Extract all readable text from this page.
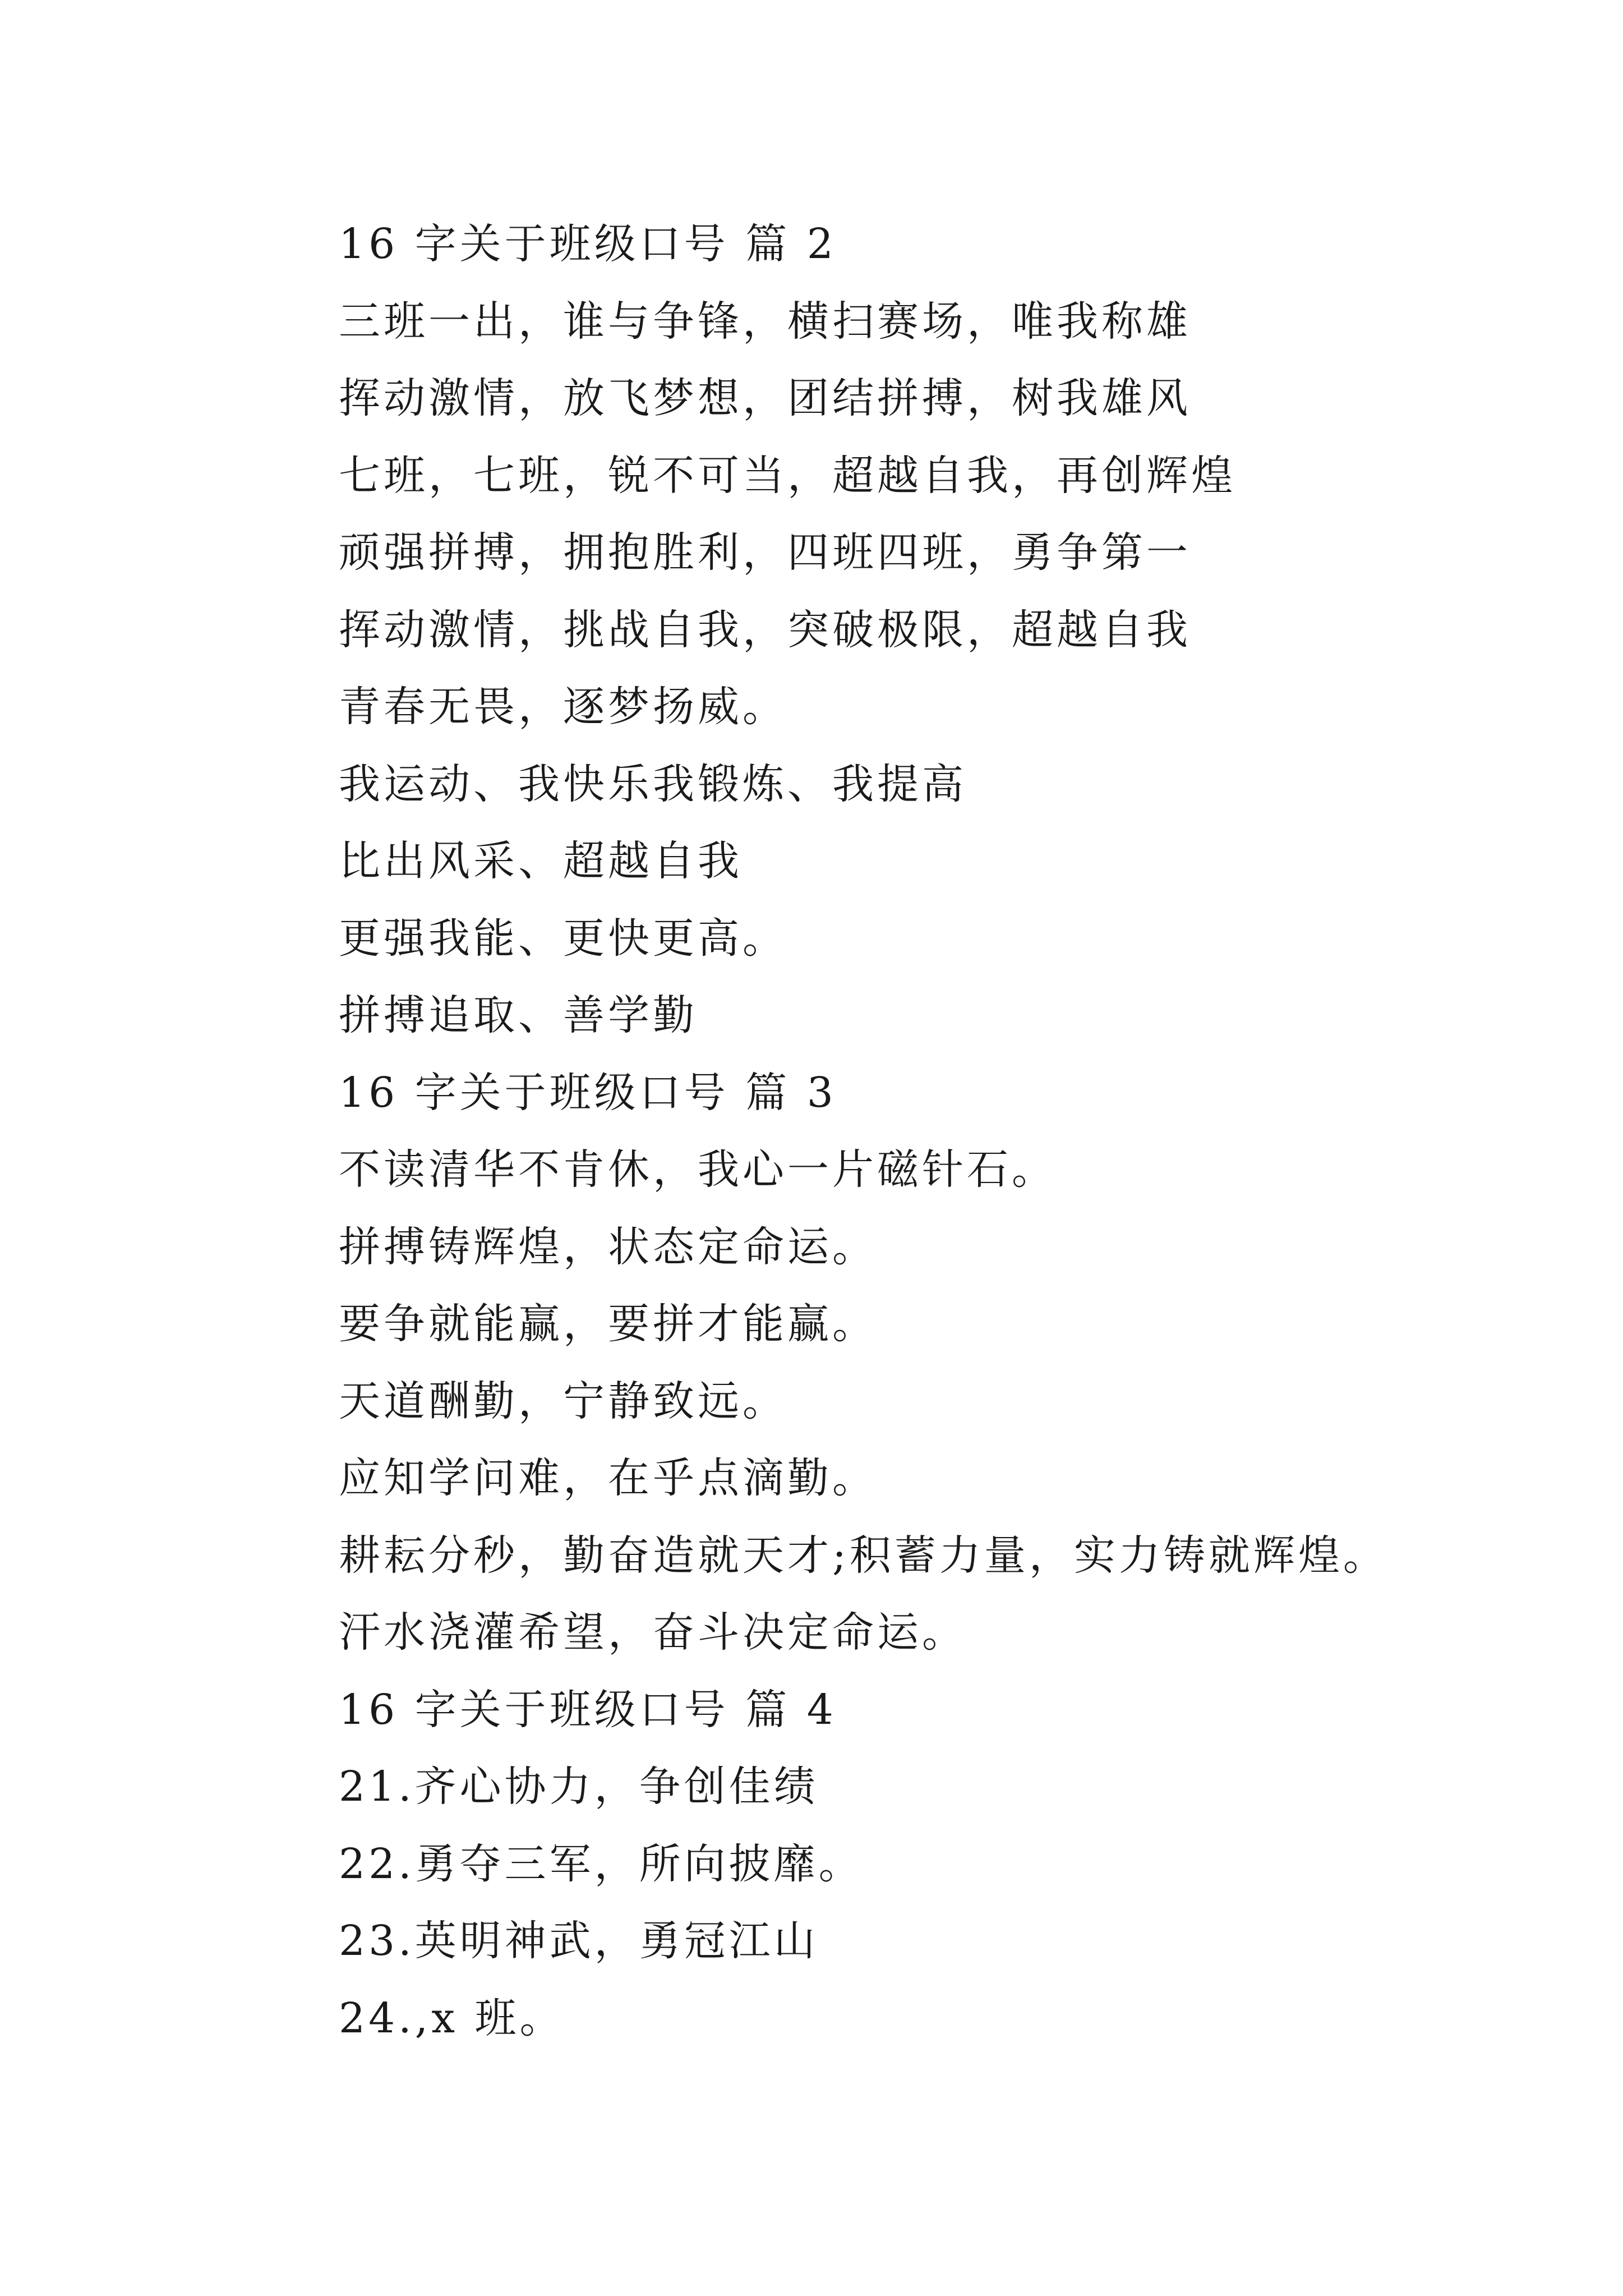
16 字关于班级口号 篇 2
三班一出，谁与争锋，横扫赛场，唯我称雄
挥动激情，放飞梦想，团结拼搏，树我雄风
七班，七班，锐不可当，超越自我，再创辉煌
顽强拼搏，拥抱胜利，四班四班，勇争第一
挥动激情，挑战自我，突破极限，超越自我
青春无畏，逐梦扬威。
我运动、我快乐我锻炼、我提高
比出风采、超越自我
更强我能、更快更高。
拼搏追取、善学勤
16 字关于班级口号 篇 3
不读清华不肯休，我心一片磁针石。
拼搏铸辉煌，状态定命运。
要争就能赢，要拼才能赢。
天道酬勤，宁静致远。
应知学问难，在乎点滴勤。
耕耘分秒，勤奋造就天才;积蓄力量，实力铸就辉煌。
汗水浇灌希望，奋斗决定命运。
16 字关于班级口号 篇 4
21.齐心协力，争创佳绩
22.勇夺三军，所向披靡。
23.英明神武，勇冠江山
24.,x 班。
